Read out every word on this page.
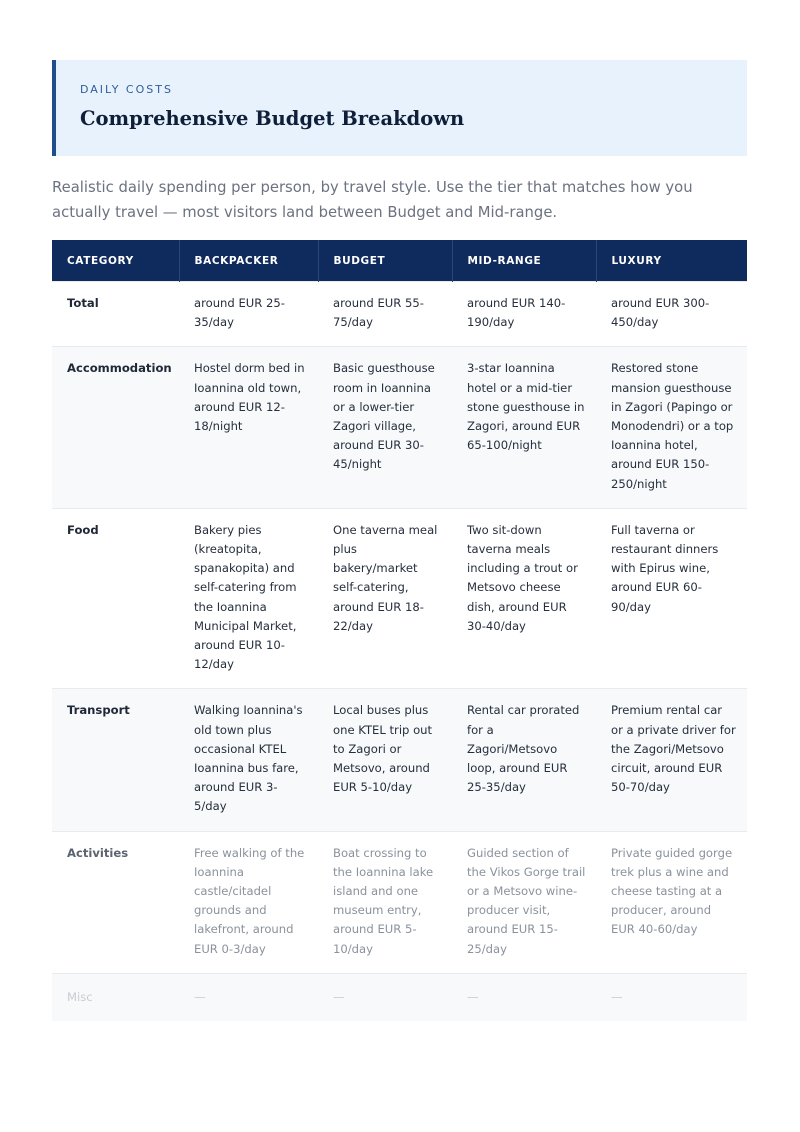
DAILY COSTS
Comprehensive Budget Breakdown
Realistic daily spending per person, by travel style. Use the tier that matches how you actually travel — most visitors land between Budget and Mid-range.
CATEGORY	BACKPACKER	BUDGET	MID-RANGE	LUXURY
Total	around EUR 25-35/day	around EUR 55-75/day	around EUR 140-190/day	around EUR 300-450/day
Accommodation	Hostel dorm bed in Ioannina old town, around EUR 12-18/night	Basic guesthouse room in Ioannina or a lower-tier Zagori village, around EUR 30-45/night	3-star Ioannina hotel or a mid-tier stone guesthouse in Zagori, around EUR 65-100/night	Restored stone mansion guesthouse in Zagori (Papingo or Monodendri) or a top Ioannina hotel, around EUR 150-250/night
Food	Bakery pies (kreatopita, spanakopita) and self-catering from the Ioannina Municipal Market, around EUR 10-12/day	One taverna meal plus bakery/market self-catering, around EUR 18-22/day	Two sit-down taverna meals including a trout or Metsovo cheese dish, around EUR 30-40/day	Full taverna or restaurant dinners with Epirus wine, around EUR 60-90/day
Transport	Walking Ioannina's old town plus occasional KTEL Ioannina bus fare, around EUR 3-5/day	Local buses plus one KTEL trip out to Zagori or Metsovo, around EUR 5-10/day	Rental car prorated for a Zagori/Metsovo loop, around EUR 25-35/day	Premium rental car or a private driver for the Zagori/Metsovo circuit, around EUR 50-70/day
Activities	Free walking of the Ioannina castle/citadel grounds and lakefront, around EUR 0-3/day	Boat crossing to the Ioannina lake island and one museum entry, around EUR 5-10/day	Guided section of the Vikos Gorge trail or a Metsovo wine-producer visit, around EUR 15-25/day	Private guided gorge trek plus a wine and cheese tasting at a producer, around EUR 40-60/day
Misc	—	—	—	—
